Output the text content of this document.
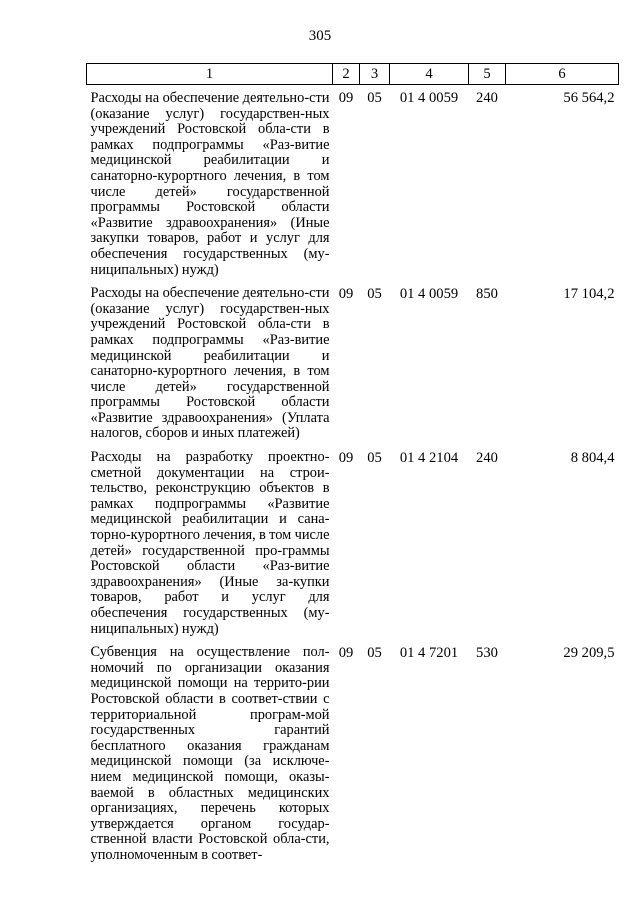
305
1	2	3	4	5	6
Расходы на обеспечение деятельно-сти (оказание услуг) государствен-ных учреждений Ростовской обла-сти в рамках подпрограммы «Раз-витие медицинской реабилитации и санаторно-курортного лечения, в том числе детей» государственной программы Ростовской области «Развитие здравоохранения» (Иные закупки товаров, работ и услуг для обеспечения государственных (му-ниципальных) нужд)	09	05	01 4 0059	240	56 564,2
Расходы на обеспечение деятельно-сти (оказание услуг) государствен-ных учреждений Ростовской обла-сти в рамках подпрограммы «Раз-витие медицинской реабилитации и санаторно-курортного лечения, в том числе детей» государственной программы Ростовской области «Развитие здравоохранения» (Уплата налогов, сборов и иных платежей)	09	05	01 4 0059	850	17 104,2
Расходы на разработку проектно-сметной документации на строи-тельство, реконструкцию объектов в рамках подпрограммы «Развитие медицинской реабилитации и сана-торно-курортного лечения, в том числе детей» государственной про-граммы Ростовской области «Раз-витие здравоохранения» (Иные за-купки товаров, работ и услуг для обеспечения государственных (му-ниципальных) нужд)	09	05	01 4 2104	240	8 804,4
Субвенция на осуществление пол-номочий по организации оказания медицинской помощи на террито-рии Ростовской области в соответ-ствии с территориальной програм-мой государственных гарантий бесплатного оказания гражданам медицинской помощи (за исключе-нием медицинской помощи, оказы-ваемой в областных медицинских организациях, перечень которых утверждается органом государ-ственной власти Ростовской обла-сти, уполномоченным в соответ-	09	05	01 4 7201	530	29 209,5
